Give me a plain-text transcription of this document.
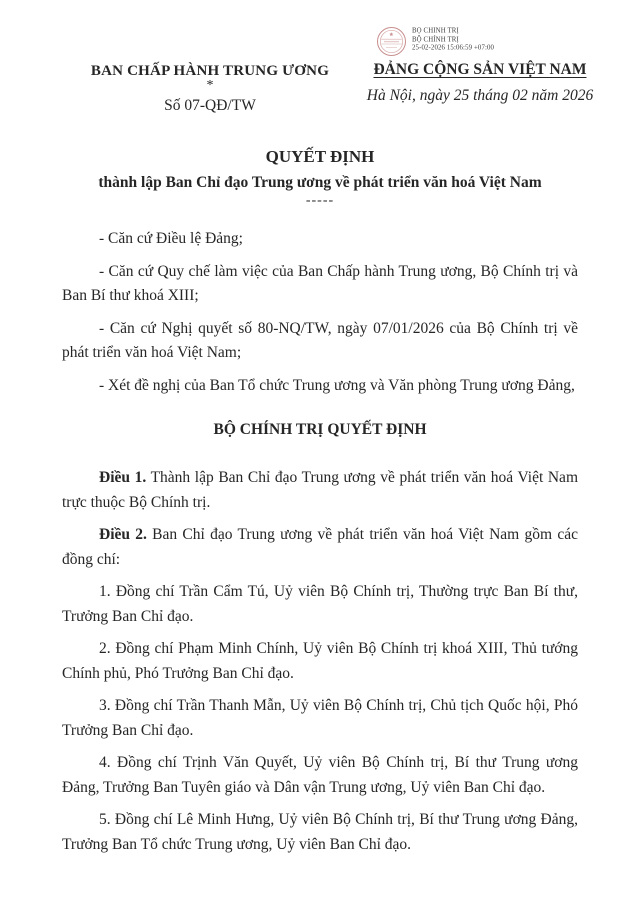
BỘ CHÍNH TRỊ
BỘ CHÍNH TRỊ
25-02-2026 15:06:59 +07:00
BAN CHẤP HÀNH TRUNG ƯƠNG
*
Số 07-QĐ/TW
ĐẢNG CỘNG SẢN VIỆT NAM
Hà Nội, ngày 25 tháng 02 năm 2026
QUYẾT ĐỊNH
thành lập Ban Chỉ đạo Trung ương về phát triển văn hoá Việt Nam
-----

- Căn cứ Điều lệ Đảng;

- Căn cứ Quy chế làm việc của Ban Chấp hành Trung ương, Bộ Chính trị và Ban Bí thư khoá XIII;

- Căn cứ Nghị quyết số 80-NQ/TW, ngày 07/01/2026 của Bộ Chính trị về phát triển văn hoá Việt Nam;

- Xét đề nghị của Ban Tổ chức Trung ương và Văn phòng Trung ương Đảng,

BỘ CHÍNH TRỊ QUYẾT ĐỊNH

Điều 1. Thành lập Ban Chỉ đạo Trung ương về phát triển văn hoá Việt Nam trực thuộc Bộ Chính trị.

Điều 2. Ban Chỉ đạo Trung ương về phát triển văn hoá Việt Nam gồm các đồng chí:

1. Đồng chí Trần Cẩm Tú, Uỷ viên Bộ Chính trị, Thường trực Ban Bí thư, Trưởng Ban Chỉ đạo.

2. Đồng chí Phạm Minh Chính, Uỷ viên Bộ Chính trị khoá XIII, Thủ tướng Chính phủ, Phó Trưởng Ban Chỉ đạo.

3. Đồng chí Trần Thanh Mẫn, Uỷ viên Bộ Chính trị, Chủ tịch Quốc hội, Phó Trưởng Ban Chỉ đạo.

4. Đồng chí Trịnh Văn Quyết, Uỷ viên Bộ Chính trị, Bí thư Trung ương Đảng, Trưởng Ban Tuyên giáo và Dân vận Trung ương, Uỷ viên Ban Chỉ đạo.

5. Đồng chí Lê Minh Hưng, Uỷ viên Bộ Chính trị, Bí thư Trung ương Đảng, Trưởng Ban Tổ chức Trung ương, Uỷ viên Ban Chỉ đạo.
